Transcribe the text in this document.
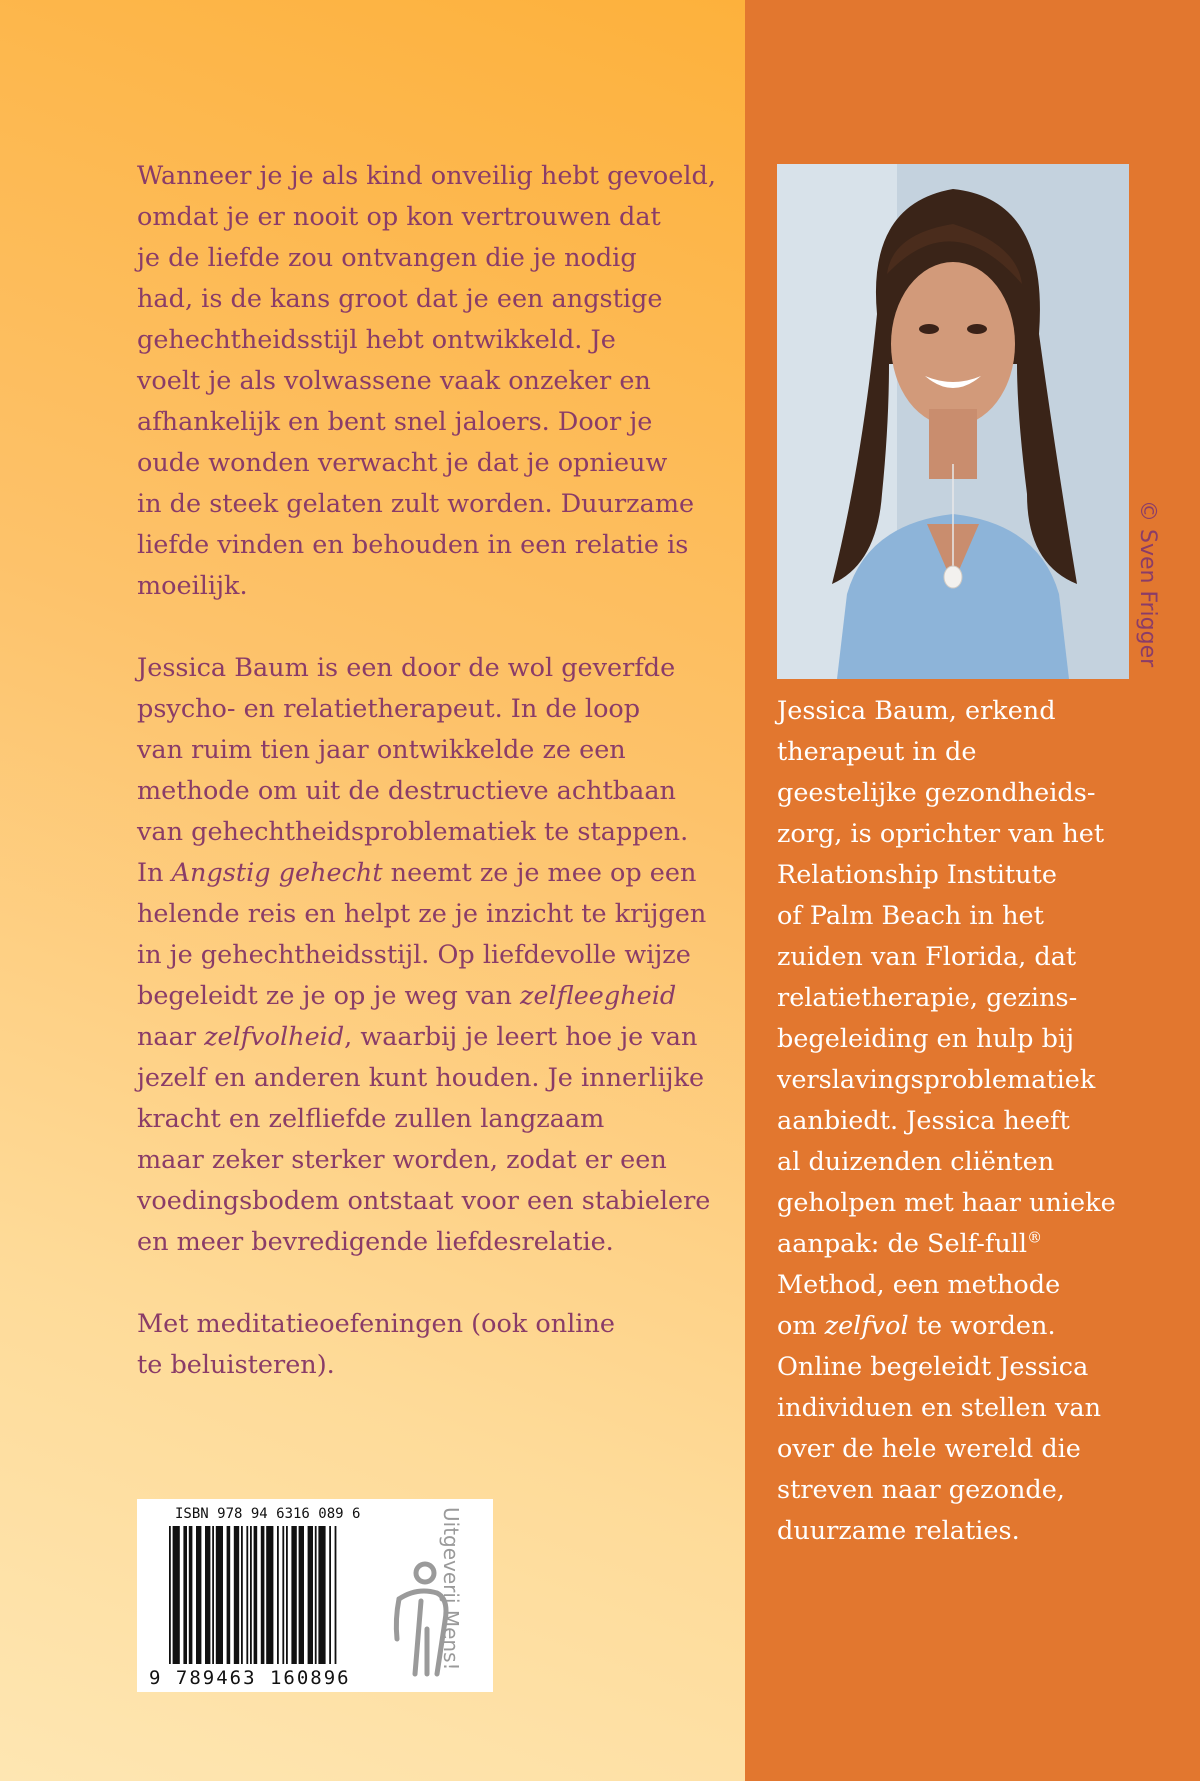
Wanneer je je als kind onveilig hebt gevoeld,
omdat je er nooit op kon vertrouwen dat
je de liefde zou ontvangen die je nodig
had, is de kans groot dat je een angstige
gehechtheidsstijl hebt ontwikkeld. Je
voelt je als volwassene vaak onzeker en
afhankelijk en bent snel jaloers. Door je
oude wonden verwacht je dat je opnieuw
in de steek gelaten zult worden. Duurzame
liefde vinden en behouden in een relatie is
moeilijk.

Jessica Baum is een door de wol geverfde
psycho- en relatietherapeut. In de loop
van ruim tien jaar ontwikkelde ze een
methode om uit de destructieve achtbaan
van gehechtheidsproblematiek te stappen.
In Angstig gehecht neemt ze je mee op een
helende reis en helpt ze je inzicht te krijgen
in je gehechtheidsstijl. Op liefdevolle wijze
begeleidt ze je op je weg van zelfleegheid
naar zelfvolheid, waarbij je leert hoe je van
jezelf en anderen kunt houden. Je innerlijke
kracht en zelfliefde zullen langzaam
maar zeker sterker worden, zodat er een
voedingsbodem ontstaat voor een stabielere
en meer bevredigende liefdesrelatie.

Met meditatieoefeningen (ook online
te beluisteren).

© Sven Frigger
Jessica Baum, erkend
therapeut in de
geestelijke gezondheids-
zorg, is oprichter van het
Relationship Institute
of Palm Beach in het
zuiden van Florida, dat
relatietherapie, gezins-
begeleiding en hulp bij
verslavingsproblematiek
aanbiedt. Jessica heeft
al duizenden cliënten
geholpen met haar unieke
aanpak: de Self-full®
Method, een methode
om zelfvol te worden.
Online begeleidt Jessica
individuen en stellen van
over de hele wereld die
streven naar gezonde,
duurzame relaties.
ISBN 978 94 6316 089 6
9 789463 160896
Uitgeverij Mens!
